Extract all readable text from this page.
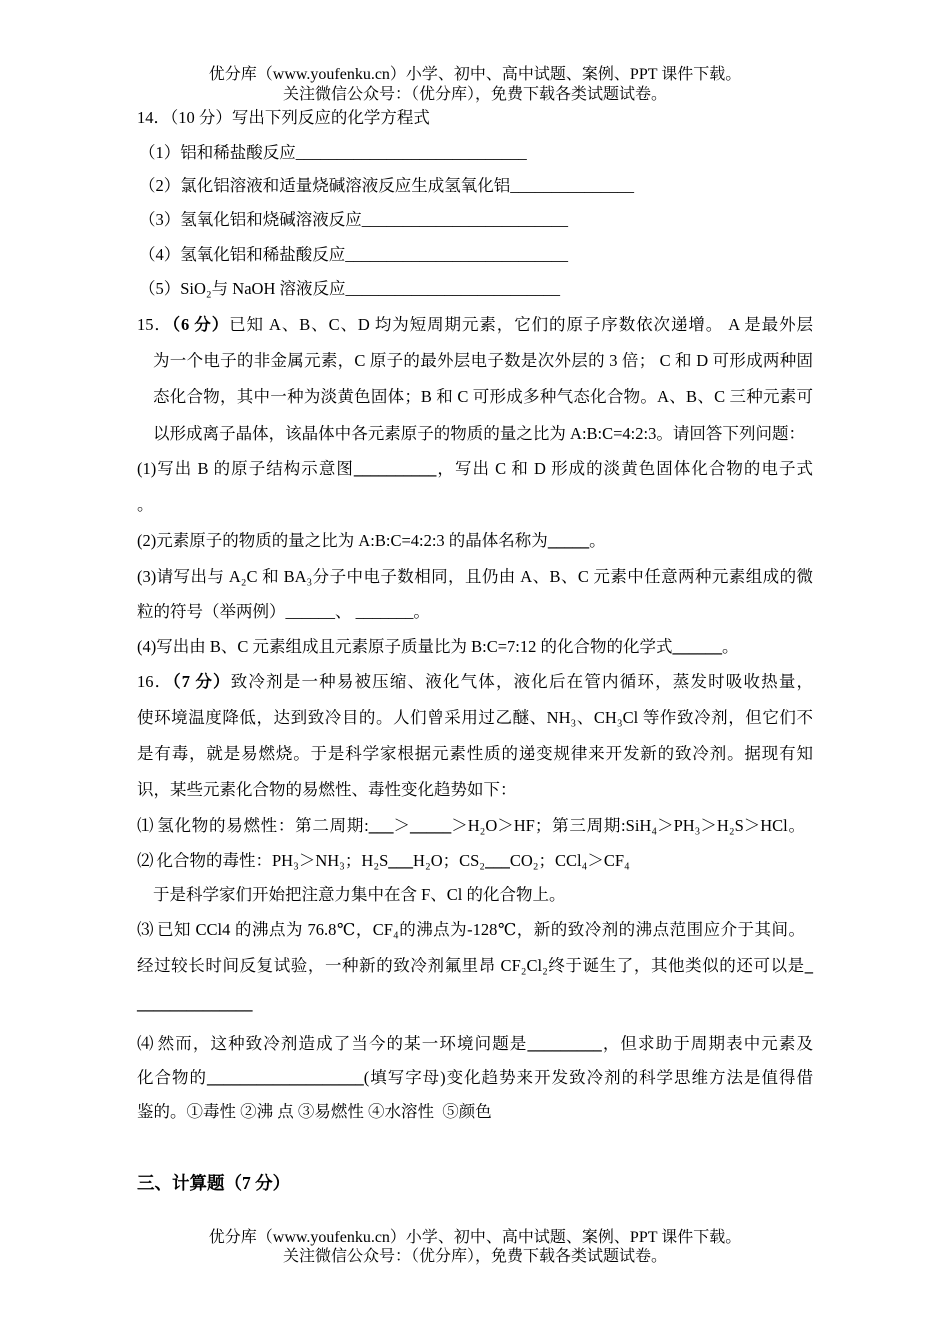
优分库（www.youfenku.cn）小学、初中、高中试题、案例、PPT 课件下载。
关注微信公众号：（优分库），免费下载各类试题试卷。
14．（10 分）写出下列反应的化学方程式
（1）铝和稀盐酸反应____________________________
（2）氯化铝溶液和适量烧碱溶液反应生成氢氧化铝_______________
（3）氢氧化铝和烧碱溶液反应_________________________
（4）氢氧化铝和稀盐酸反应___________________________
（5）SiO₂与 NaOH 溶液反应__________________________
15．（6 分）已知 A、B、C、D 均为短周期元素，它们的原子序数依次递增。 A 是最外层
为一个电子的非金属元素，C 原子的最外层电子数是次外层的 3 倍； C 和 D 可形成两种固
态化合物，其中一种为淡黄色固体；B 和 C 可形成多种气态化合物。A、B、C 三种元素可
以形成离子晶体，该晶体中各元素原子的物质的量之比为 A:B:C=4:2:3。请回答下列问题：
(1)写出 B 的原子结构示意图__________，写出 C 和 D 形成的淡黄色固体化合物的电子式
。
(2)元素原子的物质的量之比为 A:B:C=4:2:3 的晶体名称为_____。
(3)请写出与 A₂C 和 BA₃分子中电子数相同，且仍由 A、B、C 元素中任意两种元素组成的微
粒的符号（举两例）______、 _______。
(4)写出由 B、C 元素组成且元素原子质量比为 B:C=7:12 的化合物的化学式______。
16．（7 分）致冷剂是一种易被压缩、液化气体，液化后在管内循环，蒸发时吸收热量，
使环境温度降低，达到致冷目的。人们曾采用过乙醚、NH₃、CH₃Cl 等作致冷剂，但它们不
是有毒，就是易燃烧。于是科学家根据元素性质的递变规律来开发新的致冷剂。据现有知
识，某些元素化合物的易燃性、毒性变化趋势如下：
⑴ 氢化物的易燃性：第二周期:___＞_____＞H₂O＞HF；第三周期:SiH₄＞PH₃＞H₂S＞HCl。
⑵ 化合物的毒性：PH₃＞NH₃；H₂S___H₂O；CS₂___CO₂；CCl₄＞CF₄
于是科学家们开始把注意力集中在含 F、Cl 的化合物上。
⑶ 已知 CCl4 的沸点为 76.8℃，CF₄的沸点为-128℃，新的致冷剂的沸点范围应介于其间。
经过较长时间反复试验，一种新的致冷剂氟里昂 CF₂Cl₂终于诞生了，其他类似的还可以是_
______________
⑷ 然而，这种致冷剂造成了当今的某一环境问题是_________，但求助于周期表中元素及
化合物的___________________(填写字母)变化趋势来开发致冷剂的科学思维方法是值得借
鉴的。①毒性 ②沸 点 ③易燃性 ④水溶性  ⑤颜色
三、计算题（7 分）
优分库（www.youfenku.cn）小学、初中、高中试题、案例、PPT 课件下载。
关注微信公众号：（优分库），免费下载各类试题试卷。
